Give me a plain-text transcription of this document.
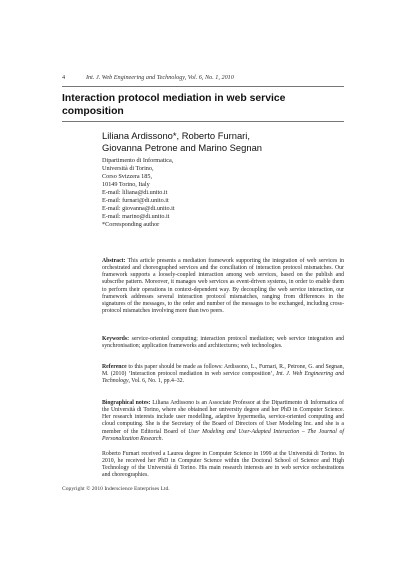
4	Int. J. Web Engineering and Technology, Vol. 6, No. 1, 2010
Interaction protocol mediation in web service composition
Liliana Ardissono*, Roberto Furnari,
Giovanna Petrone and Marino Segnan
Dipartimento di Informatica,
Università di Torino,
Corso Svizzera 185,
10149 Torino, Italy
E-mail: liliana@di.unito.it
E-mail: furnari@di.unito.it
E-mail: giovanna@di.unito.it
E-mail: marino@di.unito.it
*Corresponding author
Abstract: This article presents a mediation framework supporting the integration of web services in orchestrated and choreographed services and the conciliation of interaction protocol mismatches. Our framework supports a loosely-coupled interaction among web services, based on the publish and subscribe pattern. Moreover, it manages web services as event-driven systems, in order to enable them to perform their operations in context-dependent way. By decoupling the web service interaction, our framework addresses several interaction protocol mismatches, ranging from differences in the signatures of the messages, to the order and number of the messages to be exchanged, including cross-protocol mismatches involving more than two peers.
Keywords: service-oriented computing; interaction protocol mediation; web service integration and synchronisation; application frameworks and architectures; web technologies.
Reference to this paper should be made as follows: Ardissono, L., Furnari, R., Petrone, G. and Segnan, M. (2010) ‘Interaction protocol mediation in web service composition’, Int. J. Web Engineering and Technology, Vol. 6, No. 1, pp.4–32.
Biographical notes: Liliana Ardissono is an Associate Professor at the Dipartimento di Informatica of the Università di Torino, where she obtained her university degree and her PhD in Computer Science. Her research interests include user modelling, adaptive hypermedia, service-oriented computing and cloud computing. She is the Secretary of the Board of Directors of User Modeling Inc. and she is a member of the Editorial Board of User Modeling and User-Adapted Interaction – The Journal of Personalization Research.
Roberto Furnari received a Laurea degree in Computer Science in 1999 at the Università di Torino. In 2010, he received her PhD in Computer Science within the Doctoral School of Science and High Technology of the Università di Torino. His main research interests are in web service orchestrations and choreographies.
Copyright © 2010 Inderscience Enterprises Ltd.
